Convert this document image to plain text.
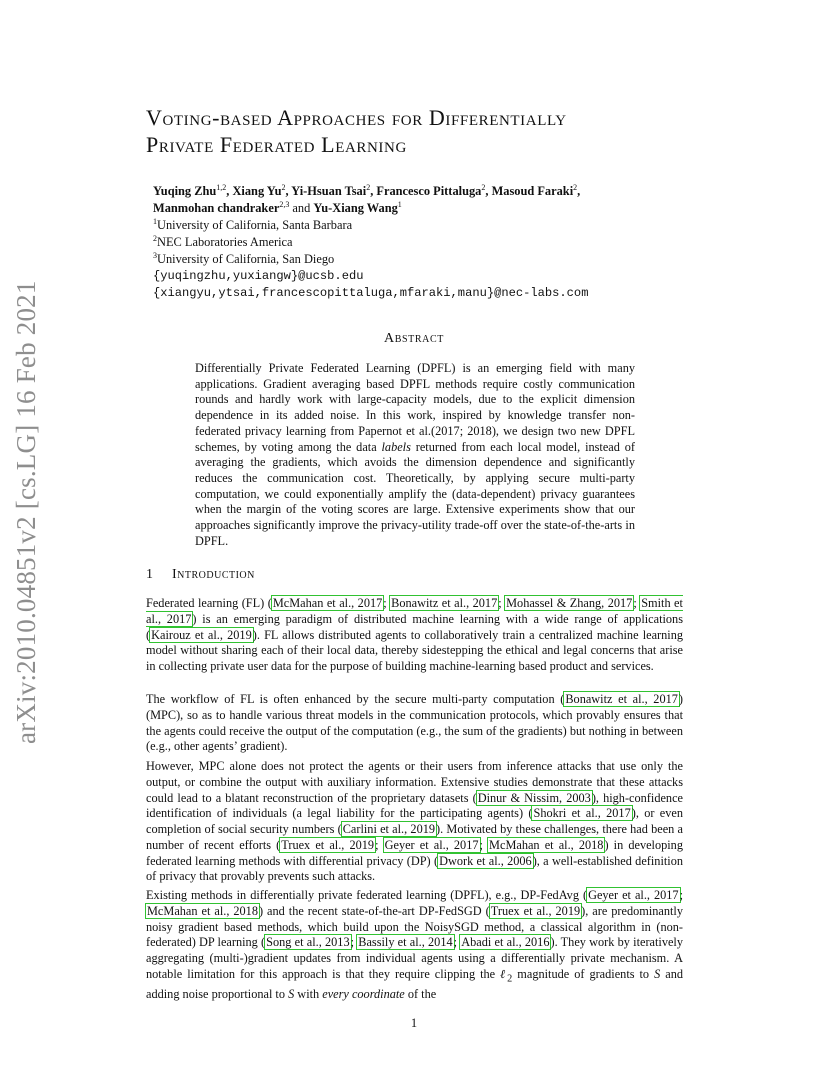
arXiv:2010.04851v2 [cs.LG] 16 Feb 2021
Voting-based Approaches for Differentially
Private Federated Learning
Yuqing Zhu$^{1,2}$, Xiang Yu$^2$, Yi-Hsuan Tsai$^2$, Francesco Pittaluga$^2$, Masoud Faraki$^2$,
Manmohan chandraker$^{2,3}$ and Yu-Xiang Wang$^1$
$^1$University of California, Santa Barbara
$^2$NEC Laboratories America
$^3$University of California, San Diego
{yuqingzhu,yuxiangw}@ucsb.edu
{xiangyu,ytsai,francescopittaluga,mfaraki,manu}@nec-labs.com
Abstract
Differentially Private Federated Learning (DPFL) is an emerging field with many applications. Gradient averaging based DPFL methods require costly communication rounds and hardly work with large-capacity models, due to the explicit dimension dependence in its added noise. In this work, inspired by knowledge transfer non-federated privacy learning from Papernot et al.(2017; 2018), we design two new DPFL schemes, by voting among the data labels returned from each local model, instead of averaging the gradients, which avoids the dimension dependence and significantly reduces the communication cost. Theoretically, by applying secure multi-party computation, we could exponentially amplify the (data-dependent) privacy guarantees when the margin of the voting scores are large. Extensive experiments show that our approaches significantly improve the privacy-utility trade-off over the state-of-the-arts in DPFL.
1 Introduction
Federated learning (FL) (McMahan et al., 2017; Bonawitz et al., 2017; Mohassel & Zhang, 2017; Smith et al., 2017) is an emerging paradigm of distributed machine learning with a wide range of applications (Kairouz et al., 2019). FL allows distributed agents to collaboratively train a centralized machine learning model without sharing each of their local data, thereby sidestepping the ethical and legal concerns that arise in collecting private user data for the purpose of building machine-learning based product and services.
The workflow of FL is often enhanced by the secure multi-party computation (Bonawitz et al., 2017) (MPC), so as to handle various threat models in the communication protocols, which provably ensures that the agents could receive the output of the computation (e.g., the sum of the gradients) but nothing in between (e.g., other agents’ gradient).
However, MPC alone does not protect the agents or their users from inference attacks that use only the output, or combine the output with auxiliary information. Extensive studies demonstrate that these attacks could lead to a blatant reconstruction of the proprietary datasets (Dinur & Nissim, 2003), high-confidence identification of individuals (a legal liability for the participating agents) (Shokri et al., 2017), or even completion of social security numbers (Carlini et al., 2019). Motivated by these challenges, there had been a number of recent efforts (Truex et al., 2019; Geyer et al., 2017; McMahan et al., 2018) in developing federated learning methods with differential privacy (DP) (Dwork et al., 2006), a well-established definition of privacy that provably prevents such attacks.
Existing methods in differentially private federated learning (DPFL), e.g., DP-FedAvg (Geyer et al., 2017; McMahan et al., 2018) and the recent state-of-the-art DP-FedSGD (Truex et al., 2019), are predominantly noisy gradient based methods, which build upon the NoisySGD method, a classical algorithm in (non-federated) DP learning (Song et al., 2013; Bassily et al., 2014; Abadi et al., 2016). They work by iteratively aggregating (multi-)gradient updates from individual agents using a differentially private mechanism. A notable limitation for this approach is that they require clipping the ℓ$_2$ magnitude of gradients to S and adding noise proportional to S with every coordinate of the
1
